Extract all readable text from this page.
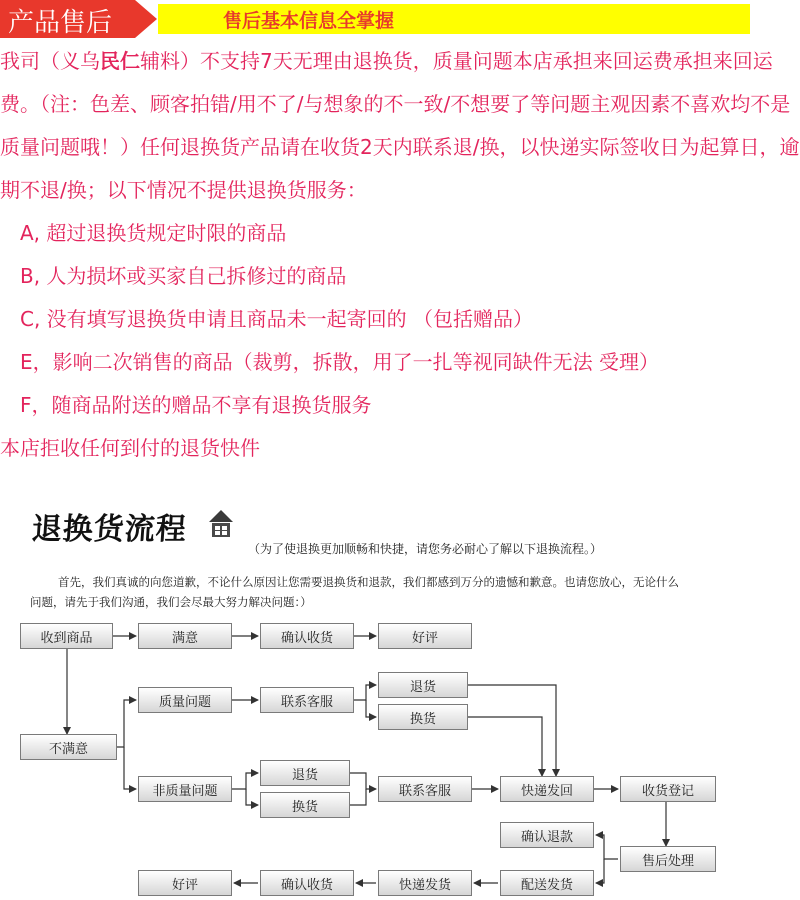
产品售后	售后基本信息全掌握

我司（义乌民仁辅料）不支持7天无理由退换货，质量问题本店承担来回运费承担来回运费。（注：色差、顾客拍错/用不了/与想象的不一致/不想要了等问题主观因素不喜欢均不是质量问题哦！）任何退换货产品请在收货2天内联系退/换，以快递实际签收日为起算日，逾期不退/换；以下情况不提供退换货服务：

A, 超过退换货规定时限的商品
B, 人为损坏或买家自己拆修过的商品
C, 没有填写退换货申请且商品未一起寄回的 （包括赠品）
E，影响二次销售的商品（裁剪，拆散，用了一扎等视同缺件无法 受理）
F，随商品附送的赠品不享有退换货服务
本店拒收任何到付的退货快件
退换货流程
（为了使退换更加顺畅和快捷，请您务必耐心了解以下退换流程。）
首先，我们真诚的向您道歉，不论什么原因让您需要退换货和退款，我们都感到万分的遗憾和歉意。也请您放心，无论什么问题，请先于我们沟通，我们会尽最大努力解决问题：）
收到商品	满意	确认收货	好评
质量问题	联系客服
退货
换货
不满意
非质量问题
退货
换货
联系客服	快递发回	收货登记
确认退款
售后处理
好评	确认收货	快递发货	配送发货
